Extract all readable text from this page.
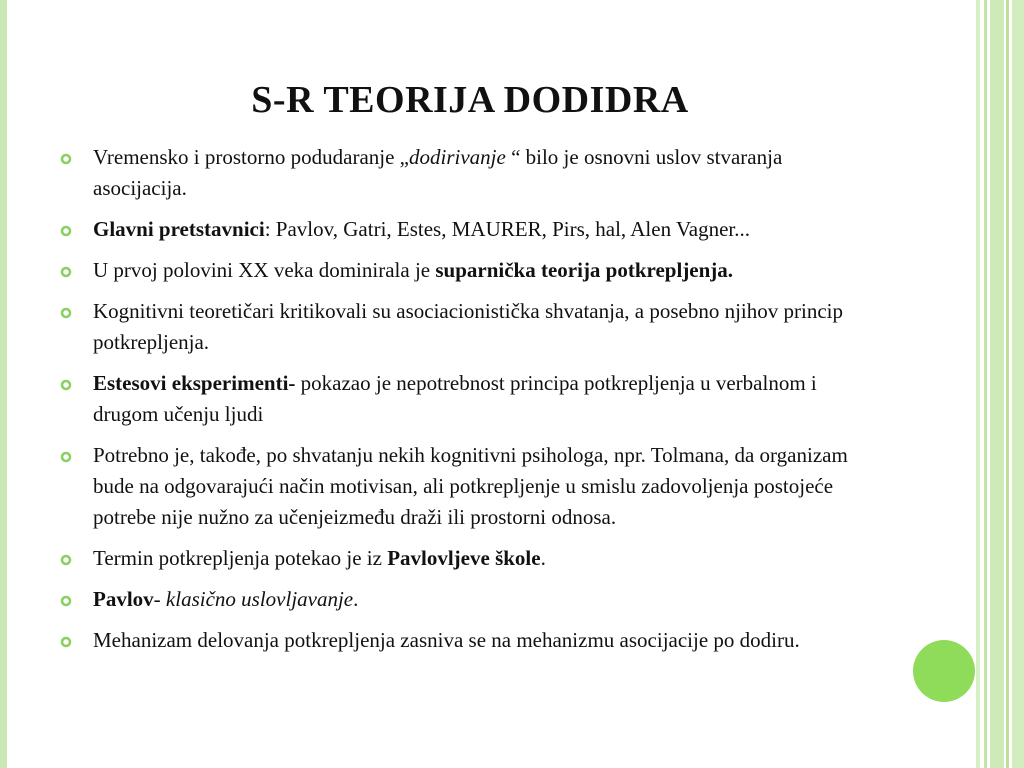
S-R TEORIJA DODIDRA
Vremensko i prostorno podudaranje „dodirivanje “ bilo je osnovni uslov stvaranja asocijacija.
Glavni pretstavnici: Pavlov, Gatri, Estes, MAURER, Pirs, hal, Alen Vagner...
U prvoj polovini XX veka dominirala je suparnička teorija potkrepljenja.
Kognitivni teoretičari kritikovali su asociacionistička shvatanja, a posebno njihov princip potkrepljenja.
Estesovi eksperimenti- pokazao je nepotrebnost principa potkrepljenja u verbalnom i drugom učenju ljudi
Potrebno je, takođe, po shvatanju nekih kognitivni psihologa, npr. Tolmana, da organizam bude na odgovarajući način motivisan, ali potkrepljenje u smislu zadovoljenja postojeće potrebe nije nužno za učenjeizmeđu draži ili prostorni odnosa.
Termin potkrepljenja potekao je iz Pavlovljeve škole.
Pavlov- klasično uslovljavanje.
Mehanizam delovanja potkrepljenja zasniva se na mehanizmu asocijacije po dodiru.
